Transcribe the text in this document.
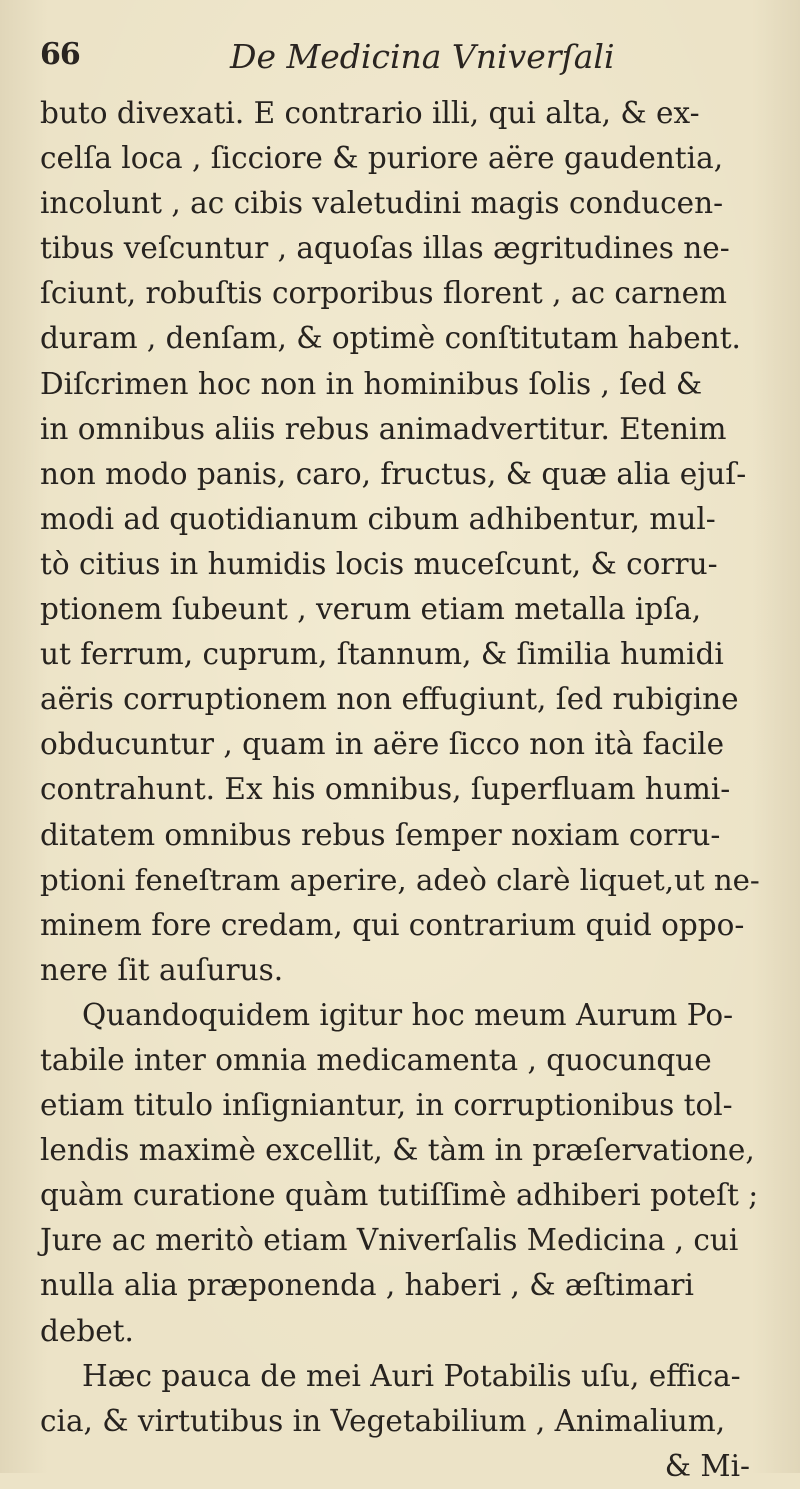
66	De Medicina Vniverſali
buto divexati. E contrario illi, qui alta, & ex-
celſa loca , ſicciore & puriore aëre gaudentia,
incolunt , ac cibis valetudini magis conducen-
tibus veſcuntur , aquoſas illas ægritudines ne-
ſciunt, robuſtis corporibus florent , ac carnem
duram , denſam, & optimè conſtitutam habent.
Diſcrimen hoc non in hominibus ſolis , ſed &
in omnibus aliis rebus animadvertitur. Etenim
non modo panis, caro, fructus, & quæ alia ejuſ-
modi ad quotidianum cibum adhibentur, mul-
tò citius in humidis locis muceſcunt, & corru-
ptionem ſubeunt , verum etiam metalla ipſa,
ut ferrum, cuprum, ſtannum, & ſimilia humidi
aëris corruptionem non effugiunt, ſed rubigine
obducuntur , quam in aëre ſicco non ità facile
contrahunt. Ex his omnibus, ſuperfluam humi-
ditatem omnibus rebus ſemper noxiam corru-
ptioni feneſtram aperire, adeò clarè liquet,ut ne-
minem fore credam, qui contrarium quid oppo-
nere ſit auſurus.
Quandoquidem igitur hoc meum Aurum Po-
tabile inter omnia medicamenta , quocunque
etiam titulo inſigniantur, in corruptionibus tol-
lendis maximè excellit, & tàm in præſervatione,
quàm curatione quàm tutiſſimè adhiberi poteſt ;
Jure ac meritò etiam Vniverſalis Medicina , cui
nulla alia præponenda , haberi , & æſtimari
debet.
Hæc pauca de mei Auri Potabilis uſu, effica-
cia, & virtutibus in Vegetabilium , Animalium,
& Mi-
